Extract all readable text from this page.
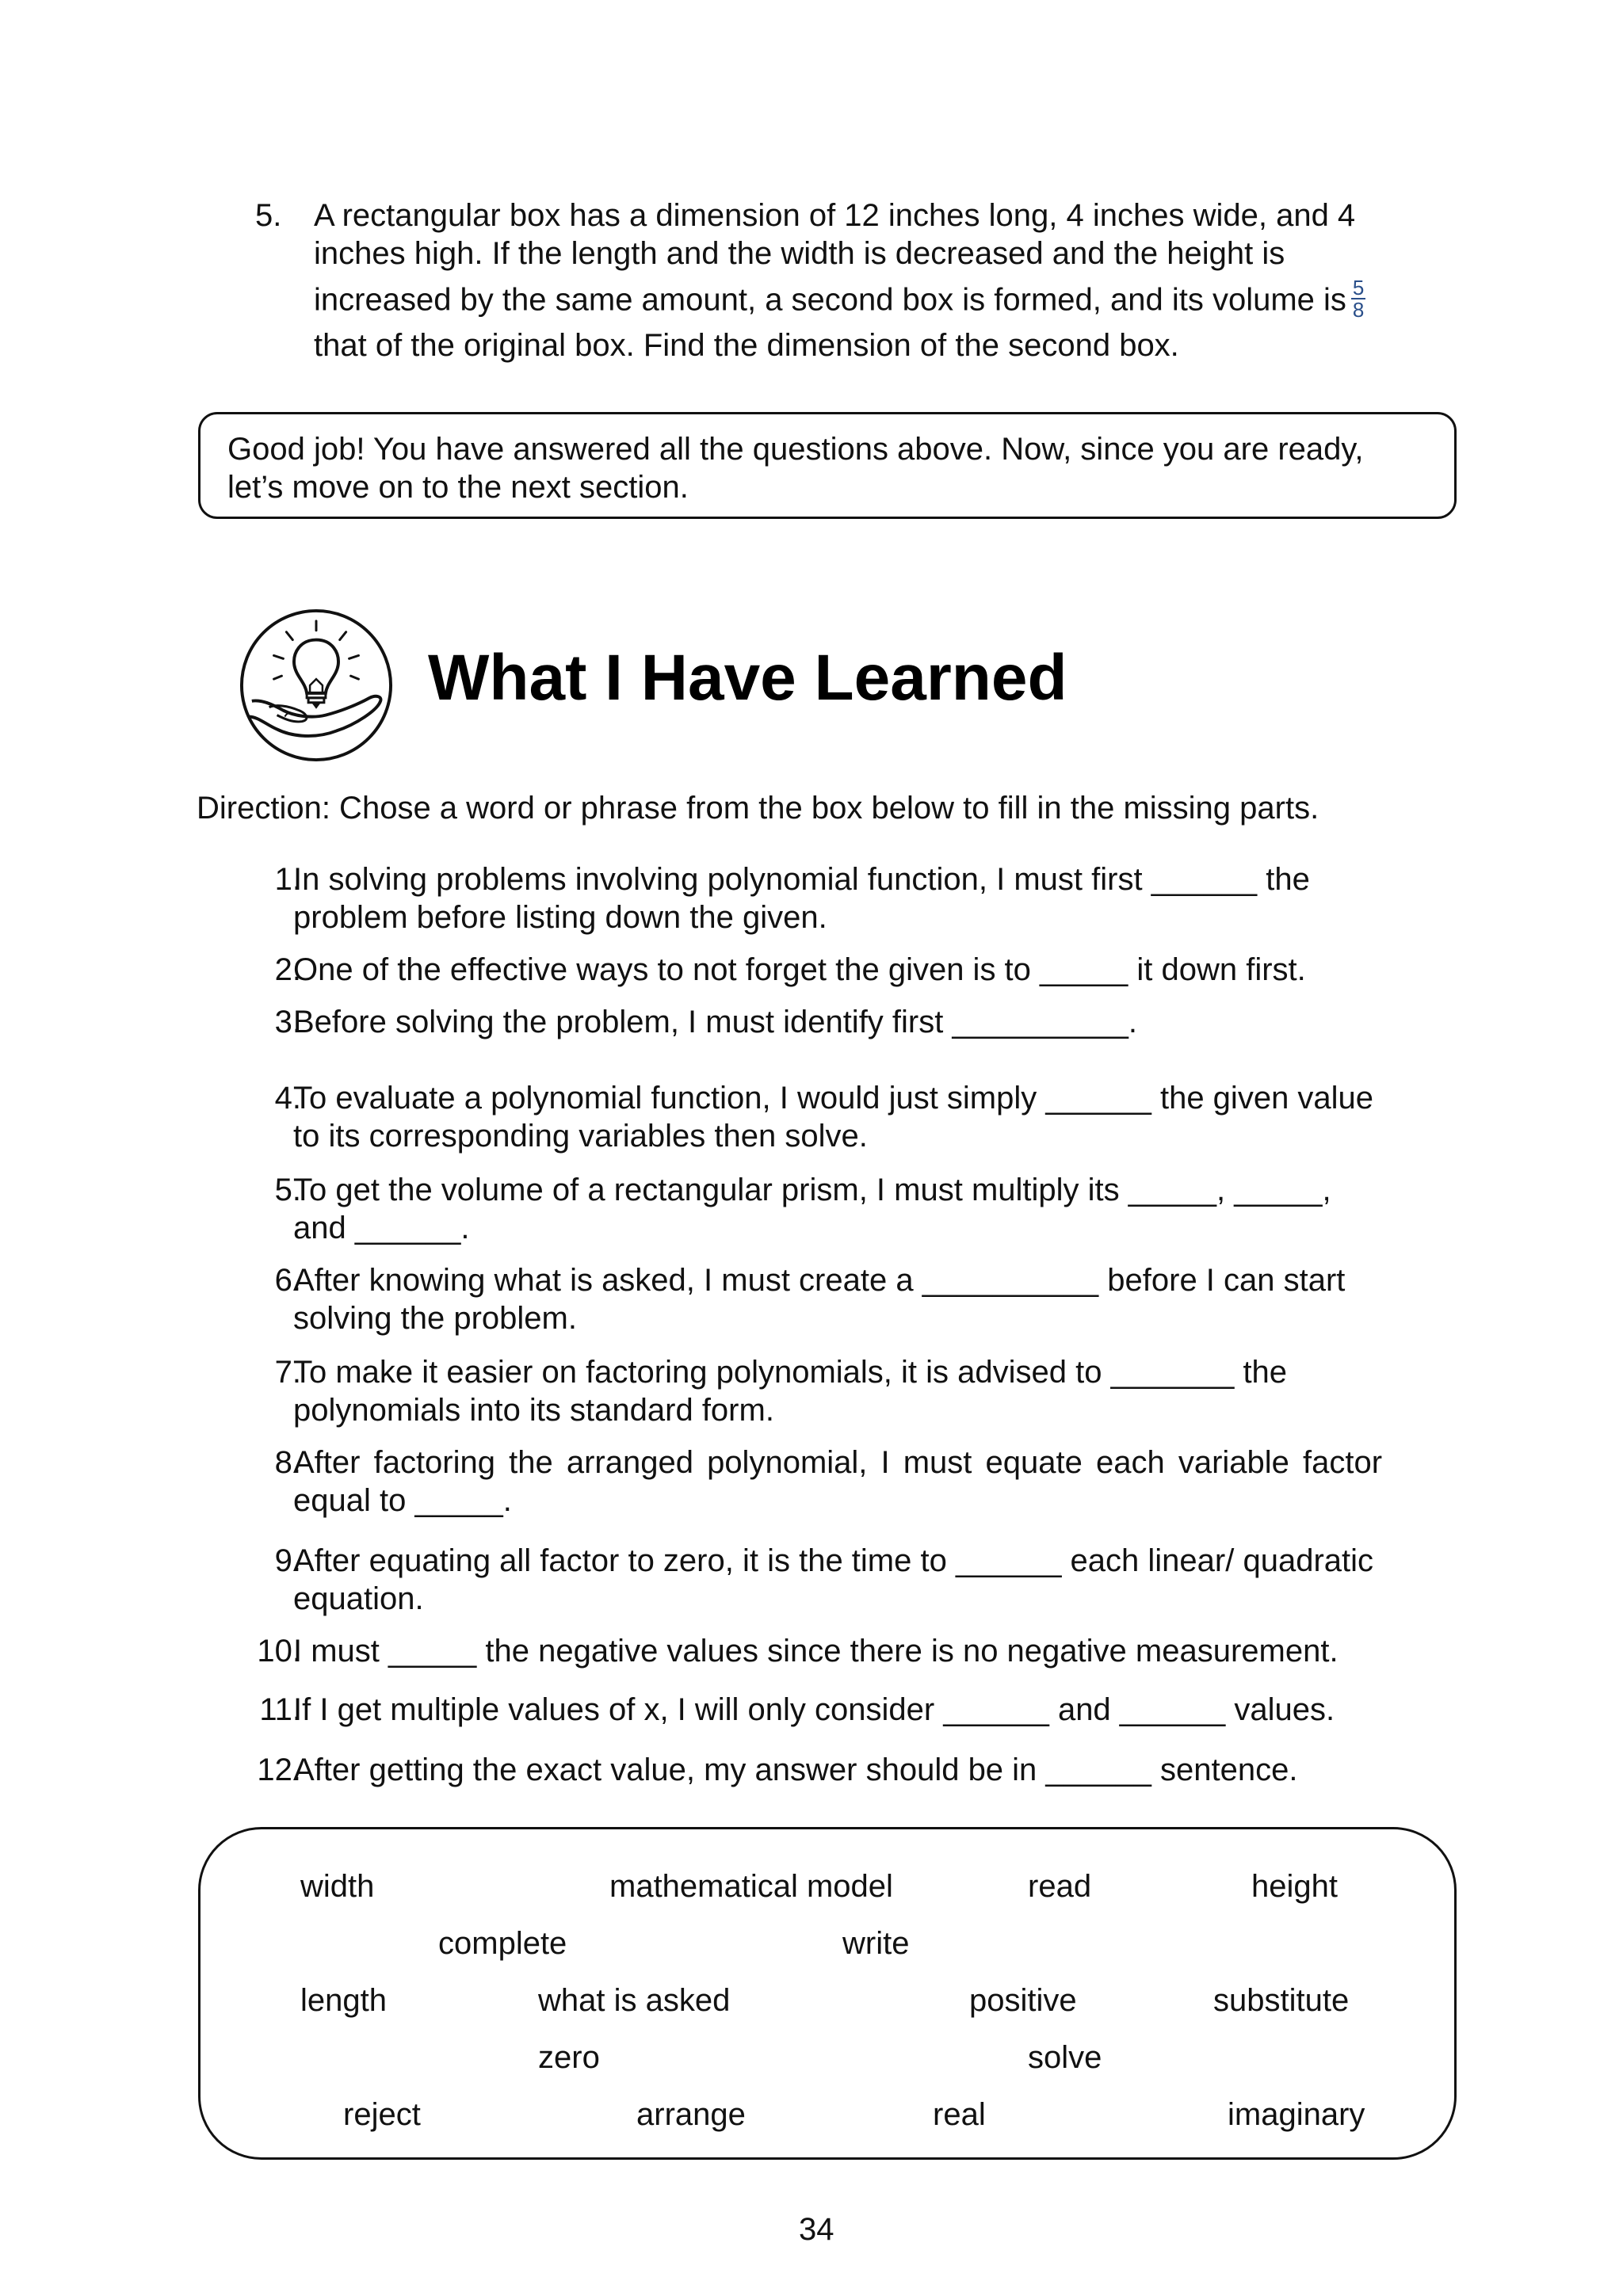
5. A rectangular box has a dimension of 12 inches long, 4 inches wide, and 4
inches high. If the length and the width is decreased and the height is
increased by the same amount, a second box is formed, and its volume is $\frac{5}{8}$
that of the original box. Find the dimension of the second box.
Good job! You have answered all the questions above. Now, since you are ready,
let’s move on to the next section.
What I Have Learned
Direction: Chose a word or phrase from the box below to fill in the missing parts.
1.
In solving problems involving polynomial function, I must first ______ the
problem before listing down the given.
2.
One of the effective ways to not forget the given is to _____ it down first.
3.
Before solving the problem, I must identify first __________.
4.
To evaluate a polynomial function, I would just simply ______ the given value
to its corresponding variables then solve.
5.
To get the volume of a rectangular prism, I must multiply its _____, _____,
and ______.
6.
After knowing what is asked, I must create a __________ before I can start
solving the problem.
7.
To make it easier on factoring polynomials, it is advised to _______ the
polynomials into its standard form.
8.
After factoring the arranged polynomial, I must equate each variable factor
equal to _____.
9.
After equating all factor to zero, it is the time to ______ each linear/ quadratic
equation.
10.
I must _____ the negative values since there is no negative measurement.
11.
If I get multiple values of x, I will only consider ______ and ______ values.
12.
After getting the exact value, my answer should be in ______ sentence.
width	mathematical model	read	height
complete	write
length	what is asked	positive	substitute
zero	solve
reject	arrange	real	imaginary
34
